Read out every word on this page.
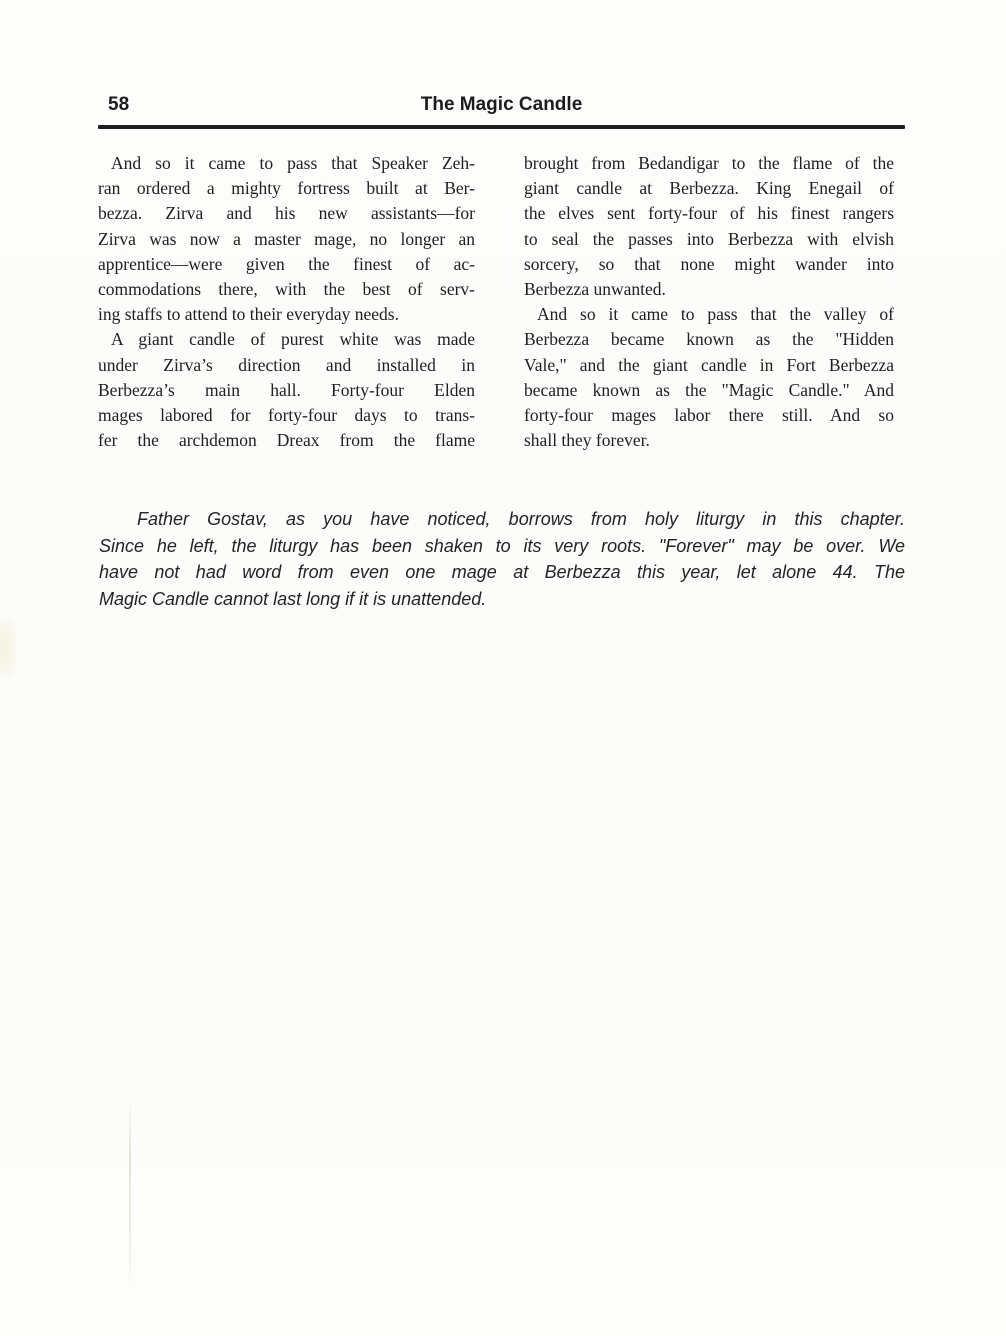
58	The Magic Candle
And so it came to pass that Speaker Zeh-
ran ordered a mighty fortress built at Ber-
bezza. Zirva and his new assistants—for
Zirva was now a master mage, no longer an
apprentice—were given the finest of ac-
commodations there, with the best of serv-
ing staffs to attend to their everyday needs.
A giant candle of purest white was made
under Zirva’s direction and installed in
Berbezza’s main hall. Forty-four Elden
mages labored for forty-four days to trans-
fer the archdemon Dreax from the flame
brought from Bedandigar to the flame of the
giant candle at Berbezza. King Enegail of
the elves sent forty-four of his finest rangers
to seal the passes into Berbezza with elvish
sorcery, so that none might wander into
Berbezza unwanted.
And so it came to pass that the valley of
Berbezza became known as the "Hidden
Vale," and the giant candle in Fort Berbezza
became known as the "Magic Candle." And
forty-four mages labor there still. And so
shall they forever.
Father Gostav, as you have noticed, borrows from holy liturgy in this chapter.
Since he left, the liturgy has been shaken to its very roots. "Forever" may be over. We
have not had word from even one mage at Berbezza this year, let alone 44. The
Magic Candle cannot last long if it is unattended.
